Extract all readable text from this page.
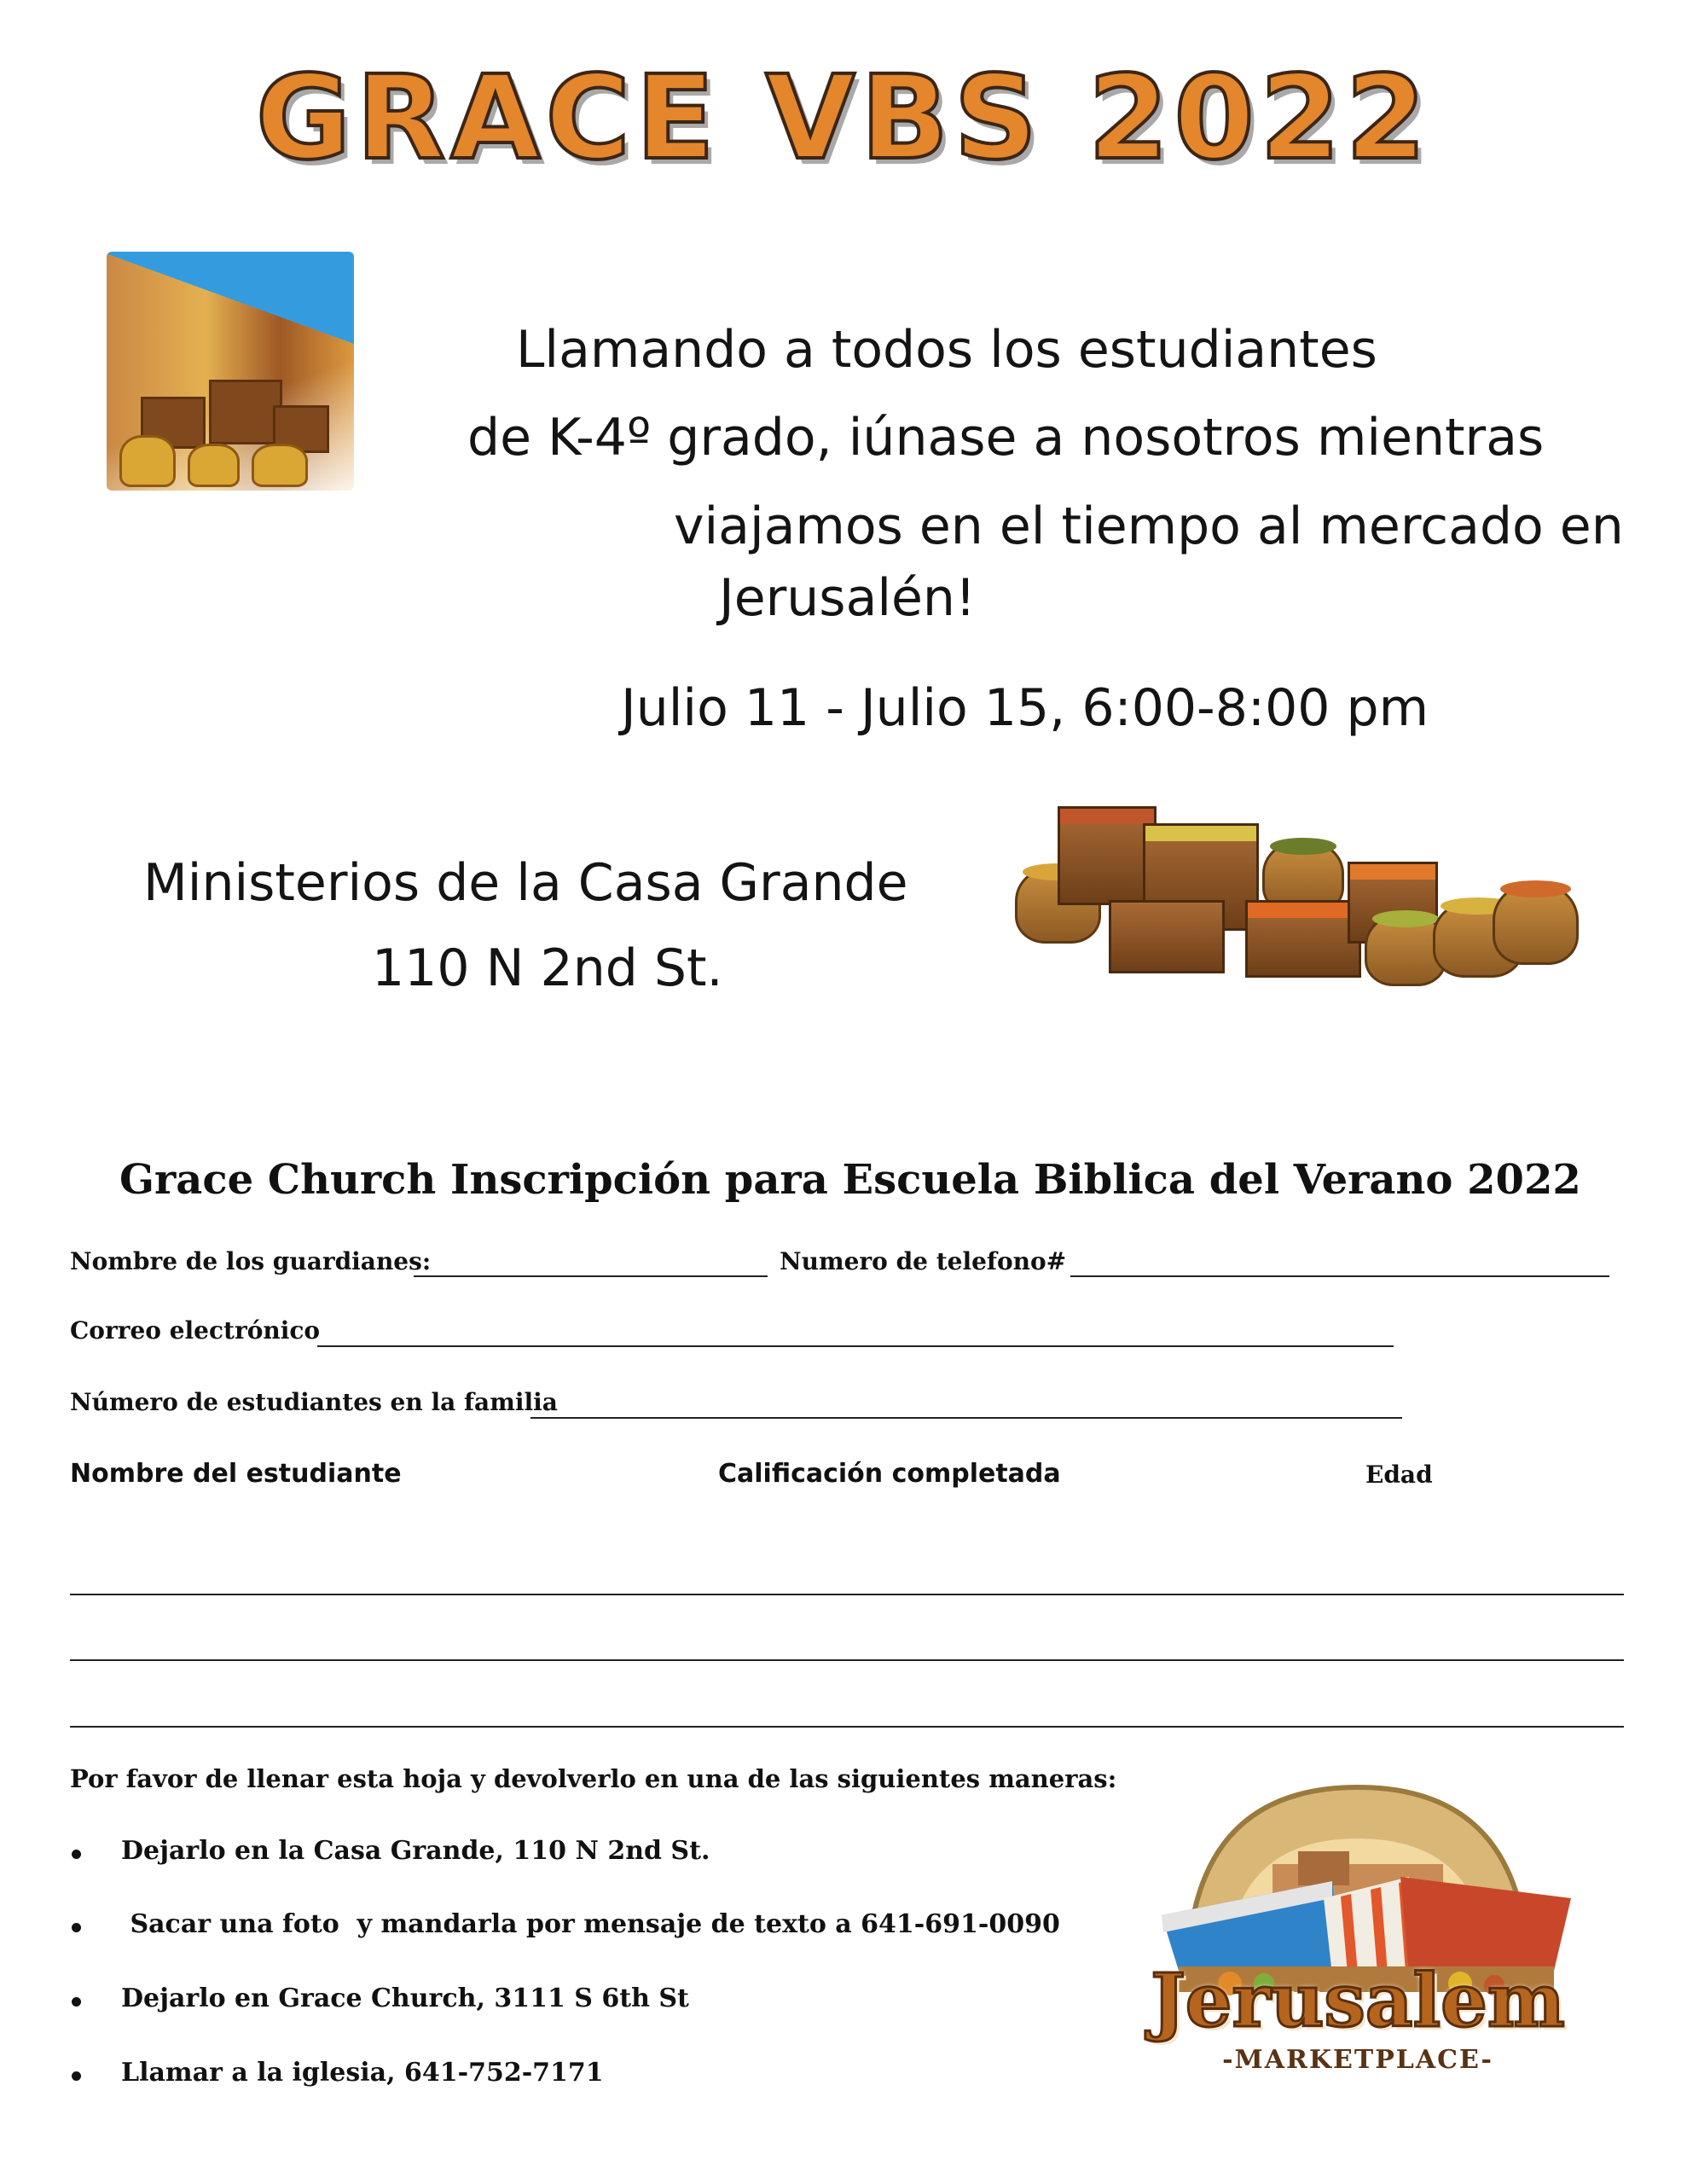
GRACE VBS 2022
Llamando a todos los estudiantes
de K-4º grado, iúnase a nosotros mientras
viajamos en el tiempo al mercado en
Jerusalén!
Julio 11 - Julio 15, 6:00-8:00 pm
Ministerios de la Casa Grande
110 N 2nd St.
Grace Church Inscripción para Escuela Biblica del Verano 2022
Nombre de los guardianes:	Numero de telefono#
Correo electrónico
Número de estudiantes en la familia
Nombre del estudiante	Calificación completada	Edad
Por favor de llenar esta hoja y devolverlo en una de las siguientes maneras:
Dejarlo en la Casa Grande, 110 N 2nd St.
Sacar una foto  y mandarla por mensaje de texto a 641-691-0090
Dejarlo en Grace Church, 3111 S 6th St
Llamar a la iglesia, 641-752-7171
Jerusalem
-MARKETPLACE-
